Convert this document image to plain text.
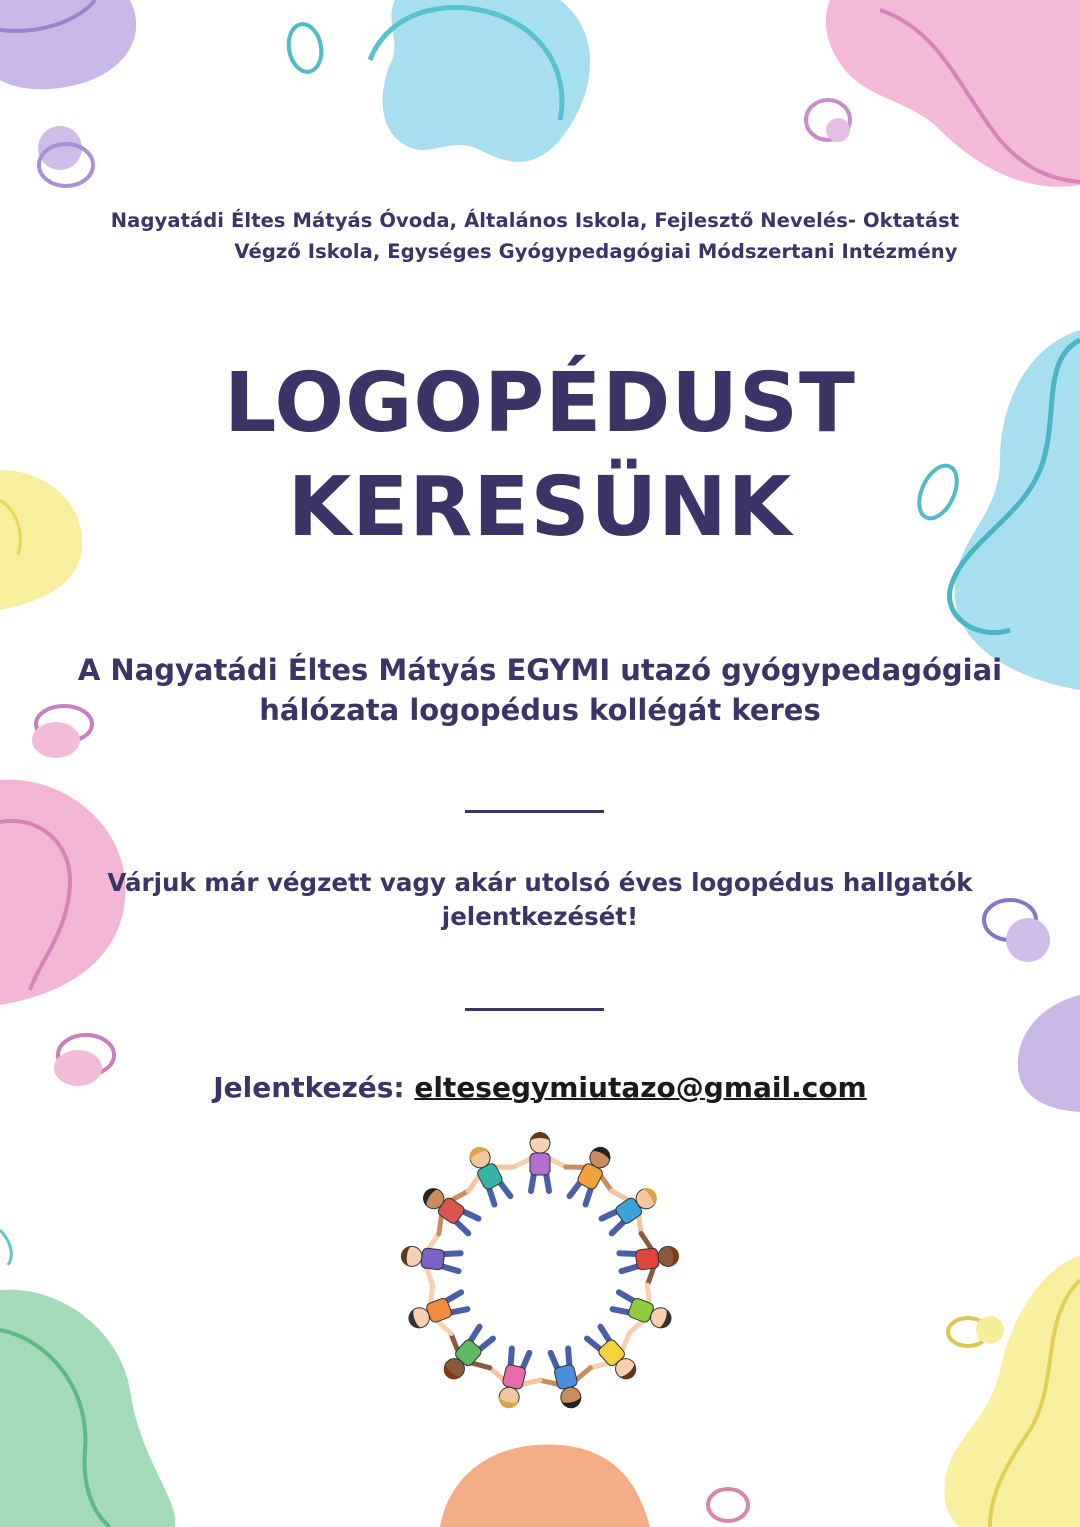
Nagyatádi Éltes Mátyás Óvoda, Általános Iskola, Fejlesztő Nevelés- Oktatást
Végző Iskola, Egységes Gyógypedagógiai Módszertani Intézmény
LOGOPÉDUST
KERESÜNK
A Nagyatádi Éltes Mátyás EGYMI utazó gyógypedagógiai
hálózata logopédus kollégát keres
Várjuk már végzett vagy akár utolsó éves logopédus hallgatók
jelentkezését!
Jelentkezés: eltesegymiutazo@gmail.com
